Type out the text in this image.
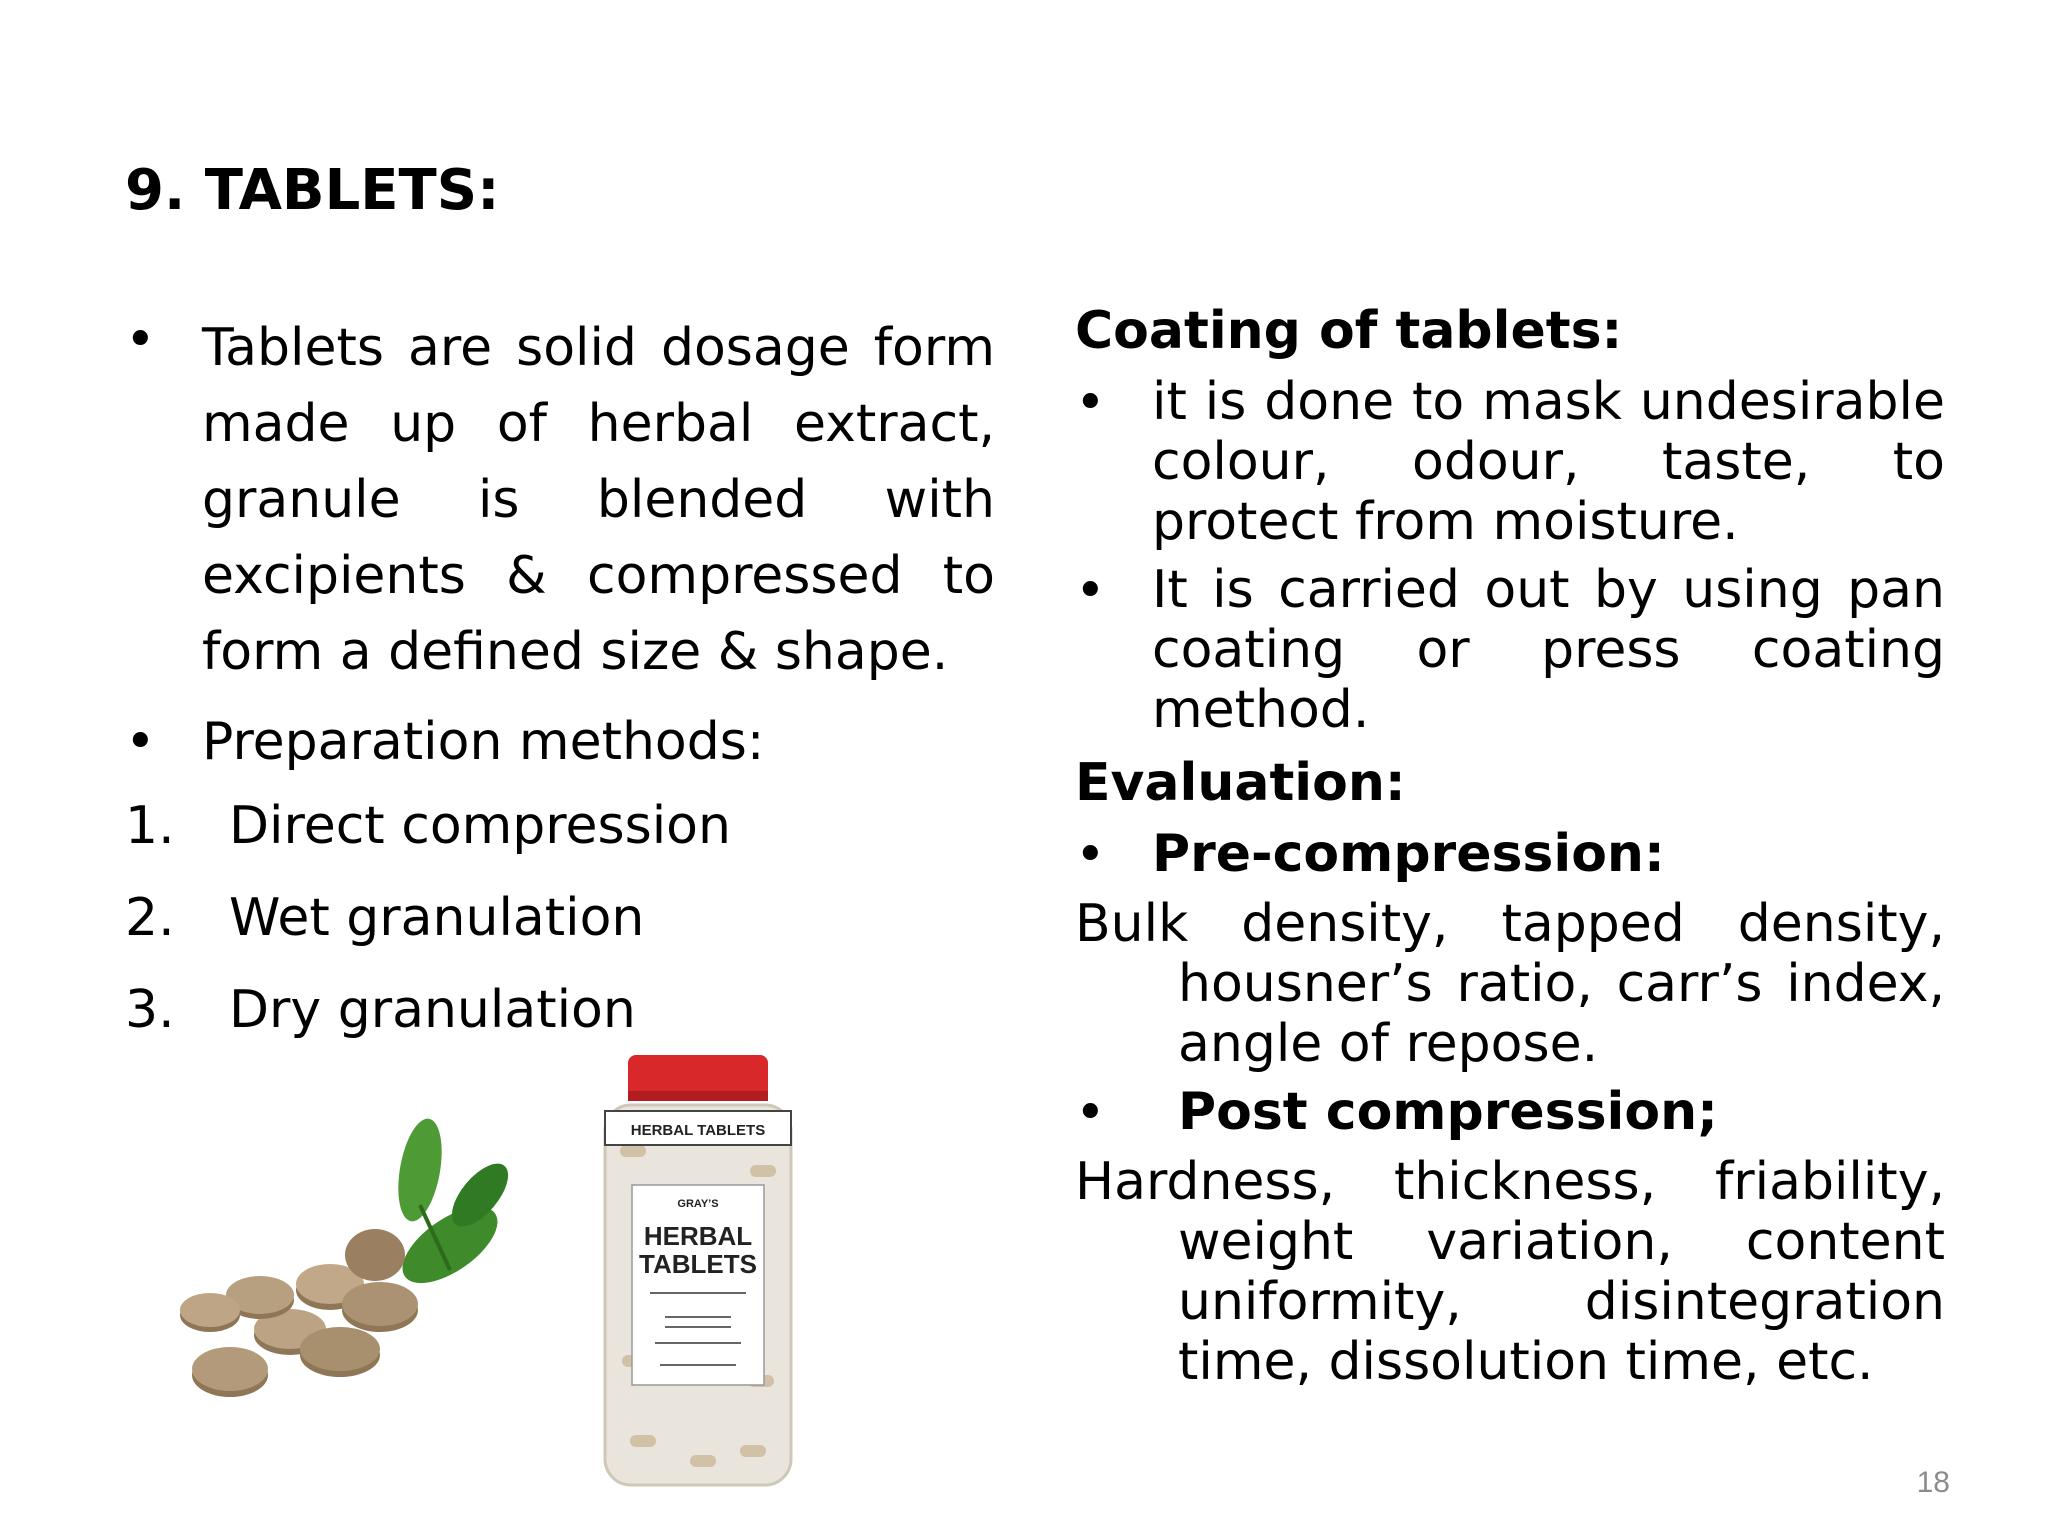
9. TABLETS:
• Tablets are solid dosage form made up of herbal extract, granule is blended with excipients & compressed to form a defined size & shape.
• Preparation methods:
1.	Direct compression
2.	Wet granulation
3.	Dry granulation
Coating of tablets:
• it is done to mask undesirable colour, odour, taste, to protect from moisture.
• It is carried out by using pan coating or press coating method.
Evaluation:
• Pre-compression:
Bulk density, tapped density, housner’s ratio, carr’s index, angle of repose.
•	Post compression;
Hardness, thickness, friability, weight variation, content uniformity, disintegration time, dissolution time, etc.
HERBAL TABLETS
GRAY’S
HERBAL
TABLETS
18
